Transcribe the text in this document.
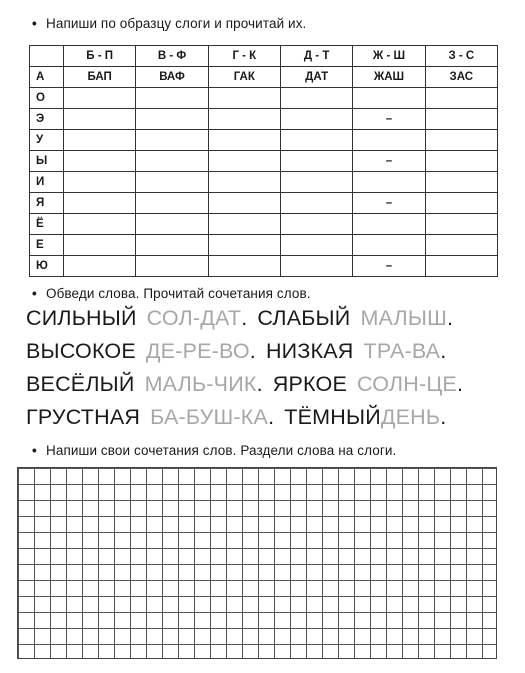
• Напиши по образцу слоги и прочитай их.
	Б - П	В - Ф	Г - К	Д - Т	Ж - Ш	З - С
А	БАП	ВАФ	ГАК	ДАТ	ЖАШ	ЗАС
О						
Э					–	
У						
Ы					–	
И						
Я					–	
Ё						
Е						
Ю					–	
• Обведи слова. Прочитай сочетания слов.
СИЛЬНЫЙ СОЛ-ДАТ . СЛАБЫЙ МАЛЫШ .
ВЫСОКОЕ ДЕ-РЕ-ВО . НИЗКАЯ ТРА-ВА .
ВЕСЁЛЫЙ МАЛЬ-ЧИК . ЯРКОЕ СОЛН-ЦЕ .
ГРУСТНАЯ БА-БУШ-КА . ТЁМНЫЙ ДЕНЬ .
• Напиши свои сочетания слов. Раздели слова на слоги.
